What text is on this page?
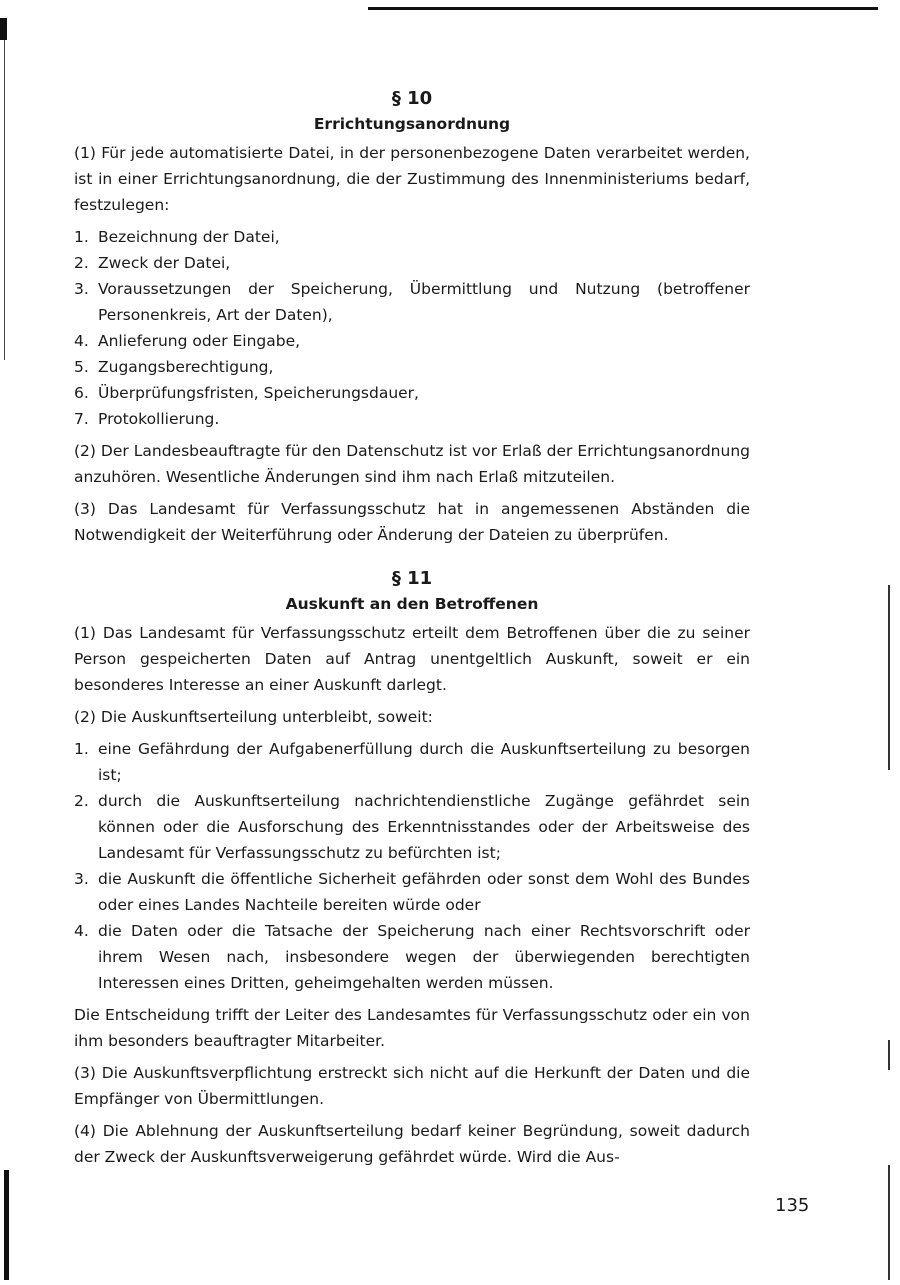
§ 10
Errichtungsanordnung

(1) Für jede automatisierte Datei, in der personenbezogene Daten verarbeitet werden, ist in einer Errichtungsanordnung, die der Zustimmung des Innenministeriums bedarf, festzulegen:

1. Bezeichnung der Datei,
2. Zweck der Datei,
3. Voraussetzungen der Speicherung, Übermittlung und Nutzung (betroffener Personenkreis, Art der Daten),
4. Anlieferung oder Eingabe,
5. Zugangsberechtigung,
6. Überprüfungsfristen, Speicherungsdauer,
7. Protokollierung.

(2) Der Landesbeauftragte für den Datenschutz ist vor Erlaß der Errichtungsanordnung anzuhören. Wesentliche Änderungen sind ihm nach Erlaß mitzuteilen.

(3) Das Landesamt für Verfassungsschutz hat in angemessenen Abständen die Notwendigkeit der Weiterführung oder Änderung der Dateien zu überprüfen.

§ 11
Auskunft an den Betroffenen

(1) Das Landesamt für Verfassungsschutz erteilt dem Betroffenen über die zu seiner Person gespeicherten Daten auf Antrag unentgeltlich Auskunft, soweit er ein besonderes Interesse an einer Auskunft darlegt.

(2) Die Auskunftserteilung unterbleibt, soweit:

1. eine Gefährdung der Aufgabenerfüllung durch die Auskunftserteilung zu besorgen ist;
2. durch die Auskunftserteilung nachrichtendienstliche Zugänge gefährdet sein können oder die Ausforschung des Erkenntnisstandes oder der Arbeitsweise des Landesamt für Verfassungsschutz zu befürchten ist;
3. die Auskunft die öffentliche Sicherheit gefährden oder sonst dem Wohl des Bundes oder eines Landes Nachteile bereiten würde oder
4. die Daten oder die Tatsache der Speicherung nach einer Rechtsvorschrift oder ihrem Wesen nach, insbesondere wegen der überwiegenden berechtigten Interessen eines Dritten, geheimgehalten werden müssen.

Die Entscheidung trifft der Leiter des Landesamtes für Verfassungsschutz oder ein von ihm besonders beauftragter Mitarbeiter.

(3) Die Auskunftsverpflichtung erstreckt sich nicht auf die Herkunft der Daten und die Empfänger von Übermittlungen.

(4) Die Ablehnung der Auskunftserteilung bedarf keiner Begründung, soweit dadurch der Zweck der Auskunftsverweigerung gefährdet würde. Wird die Aus-

135
